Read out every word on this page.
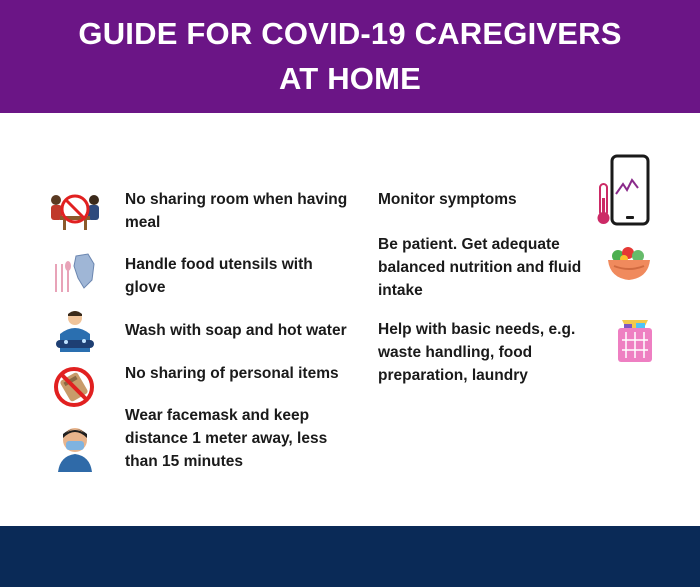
GUIDE FOR COVID-19 CAREGIVERS
AT HOME
No sharing room when having meal
Handle food utensils with glove
Wash with soap and hot water
No sharing of personal items
Wear facemask and keep distance 1 meter away, less than 15 minutes
Monitor symptoms
Be patient. Get adequate balanced nutrition and fluid intake
Help with basic needs, e.g. waste handling, food preparation, laundry
